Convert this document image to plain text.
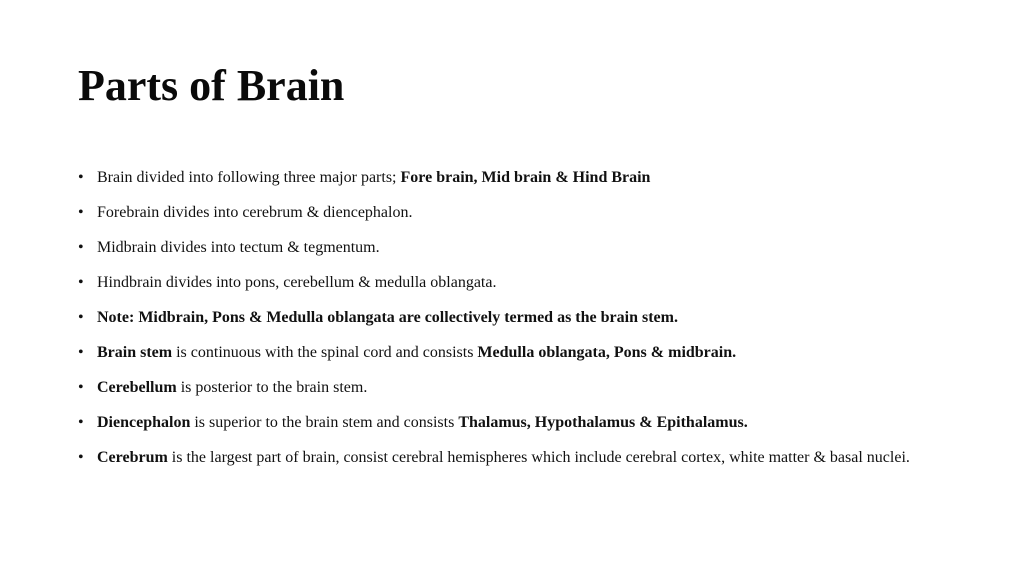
Parts of Brain
• Brain divided into following three major parts; Fore brain, Mid brain & Hind Brain
• Forebrain divides into cerebrum & diencephalon.
• Midbrain divides into tectum & tegmentum.
• Hindbrain divides into pons, cerebellum & medulla oblangata.
• Note: Midbrain, Pons & Medulla oblangata are collectively termed as the brain stem.
• Brain stem is continuous with the spinal cord and consists Medulla oblangata, Pons & midbrain.
• Cerebellum is posterior to the brain stem.
• Diencephalon is superior to the brain stem and consists Thalamus, Hypothalamus & Epithalamus.
• Cerebrum is the largest part of brain, consist cerebral hemispheres which include cerebral cortex, white matter & basal nuclei.
